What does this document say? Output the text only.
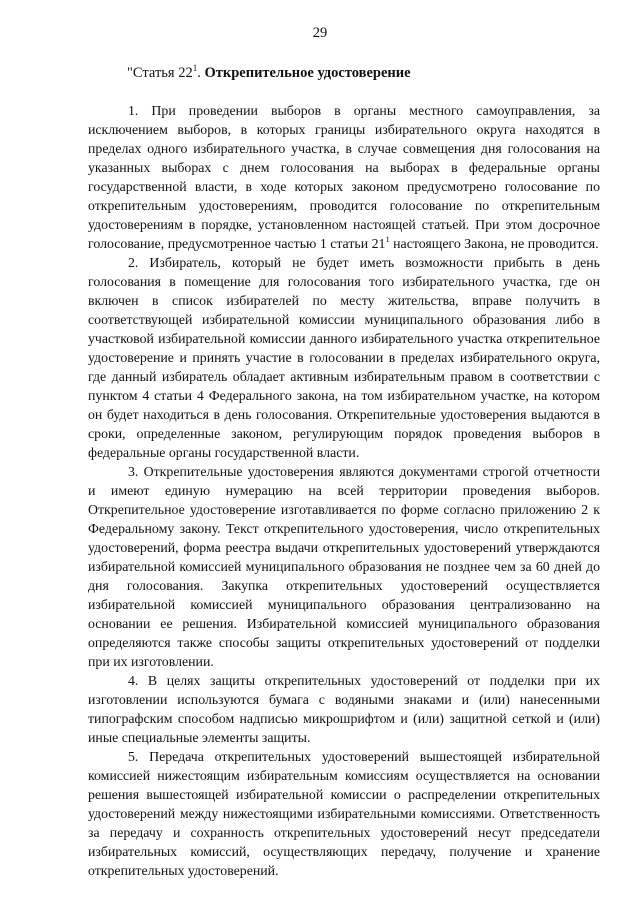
29
"Статья $22^1$. Открепительное удостоверение

1. При проведении выборов в органы местного самоуправления, за исключением выборов, в которых границы избирательного округа находятся в пределах одного избирательного участка, в случае совмещения дня голосования на указанных выборах с днем голосования на выборах в федеральные органы государственной власти, в ходе которых законом предусмотрено голосование по открепительным удостоверениям, проводится голосование по открепительным удостоверениям в порядке, установленном настоящей статьей. При этом досрочное голосование, предусмотренное частью 1 статьи $21^1$ настоящего Закона, не проводится.

2. Избиратель, который не будет иметь возможности прибыть в день голосования в помещение для голосования того избирательного участка, где он включен в список избирателей по месту жительства, вправе получить в соответствующей избирательной комиссии муниципального образования либо в участковой избирательной комиссии данного избирательного участка открепительное удостоверение и принять участие в голосовании в пределах избирательного округа, где данный избиратель обладает активным избирательным правом в соответствии с пунктом 4 статьи 4 Федерального закона, на том избирательном участке, на котором он будет находиться в день голосования. Открепительные удостоверения выдаются в сроки, определенные законом, регулирующим порядок проведения выборов в федеральные органы государственной власти.

3. Открепительные удостоверения являются документами строгой отчетности и имеют единую нумерацию на всей территории проведения выборов. Открепительное удостоверение изготавливается по форме согласно приложению 2 к Федеральному закону. Текст открепительного удостоверения, число открепительных удостоверений, форма реестра выдачи открепительных удостоверений утверждаются избирательной комиссией муниципального образования не позднее чем за 60 дней до дня голосования. Закупка открепительных удостоверений осуществляется избирательной комиссией муниципального образования централизованно на основании ее решения. Избирательной комиссией муниципального образования определяются также способы защиты открепительных удостоверений от подделки при их изготовлении.

4. В целях защиты открепительных удостоверений от подделки при их изготовлении используются бумага с водяными знаками и (или) нанесенными типографским способом надписью микрошрифтом и (или) защитной сеткой и (или) иные специальные элементы защиты.

5. Передача открепительных удостоверений вышестоящей избирательной комиссией нижестоящим избирательным комиссиям осуществляется на основании решения вышестоящей избирательной комиссии о распределении открепительных удостоверений между нижестоящими избирательными комиссиями. Ответственность за передачу и сохранность открепительных удостоверений несут председатели избирательных комиссий, осуществляющих передачу, получение и хранение открепительных удостоверений.
